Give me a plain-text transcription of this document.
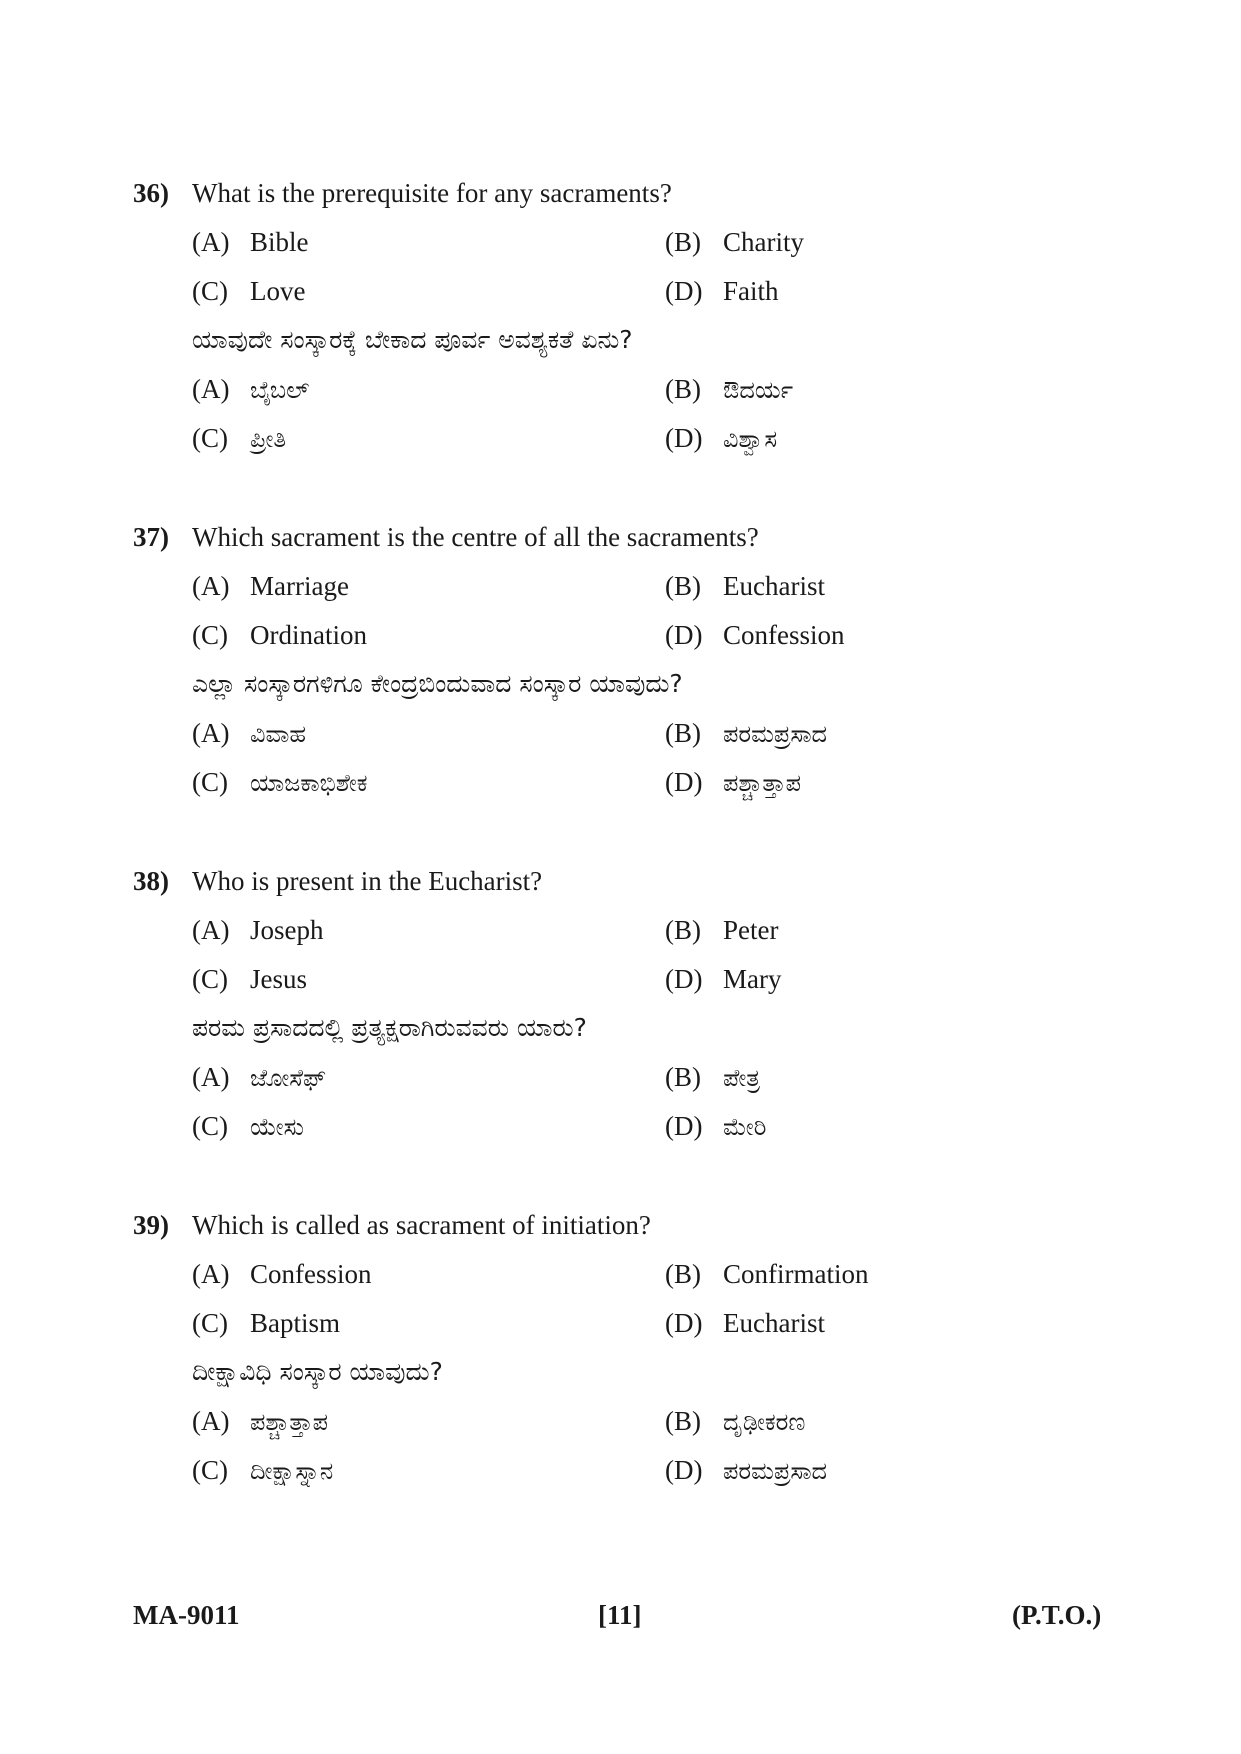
36) What is the prerequisite for any sacraments?
(A) Bible	(B) Charity
(C) Love	(D) Faith
ಯಾವುದೇ ಸಂಸ್ಕಾರಕ್ಕೆ ಬೇಕಾದ ಪೂರ್ವ ಅವಶ್ಯಕತೆ ಏನು?
(A) ಬೈಬಲ್	(B) ಔದರ್ಯ
(C) ಪ್ರೀತಿ	(D) ವಿಶ್ವಾಸ
37) Which sacrament is the centre of all the sacraments?
(A) Marriage	(B) Eucharist
(C) Ordination	(D) Confession
ಎಲ್ಲಾ ಸಂಸ್ಕಾರಗಳಿಗೂ ಕೇಂದ್ರಬಿಂದುವಾದ ಸಂಸ್ಕಾರ ಯಾವುದು?
(A) ವಿವಾಹ	(B) ಪರಮಪ್ರಸಾದ
(C) ಯಾಜಕಾಭಿಶೇಕ	(D) ಪಶ್ಚಾತ್ತಾಪ
38) Who is present in the Eucharist?
(A) Joseph	(B) Peter
(C) Jesus	(D) Mary
ಪರಮ ಪ್ರಸಾದದಲ್ಲಿ ಪ್ರತ್ಯಕ್ಷರಾಗಿರುವವರು ಯಾರು?
(A) ಜೋಸೆಫ್	(B) ಪೇತ್ರ
(C) ಯೇಸು	(D) ಮೇರಿ
39) Which is called as sacrament of initiation?
(A) Confession	(B) Confirmation
(C) Baptism	(D) Eucharist
ದೀಕ್ಷಾವಿಧಿ ಸಂಸ್ಕಾರ ಯಾವುದು?
(A) ಪಶ್ಚಾತ್ತಾಪ	(B) ದೃಢೀಕರಣ
(C) ದೀಕ್ಷಾಸ್ನಾನ	(D) ಪರಮಪ್ರಸಾದ
MA-9011	[11]	(P.T.O.)
